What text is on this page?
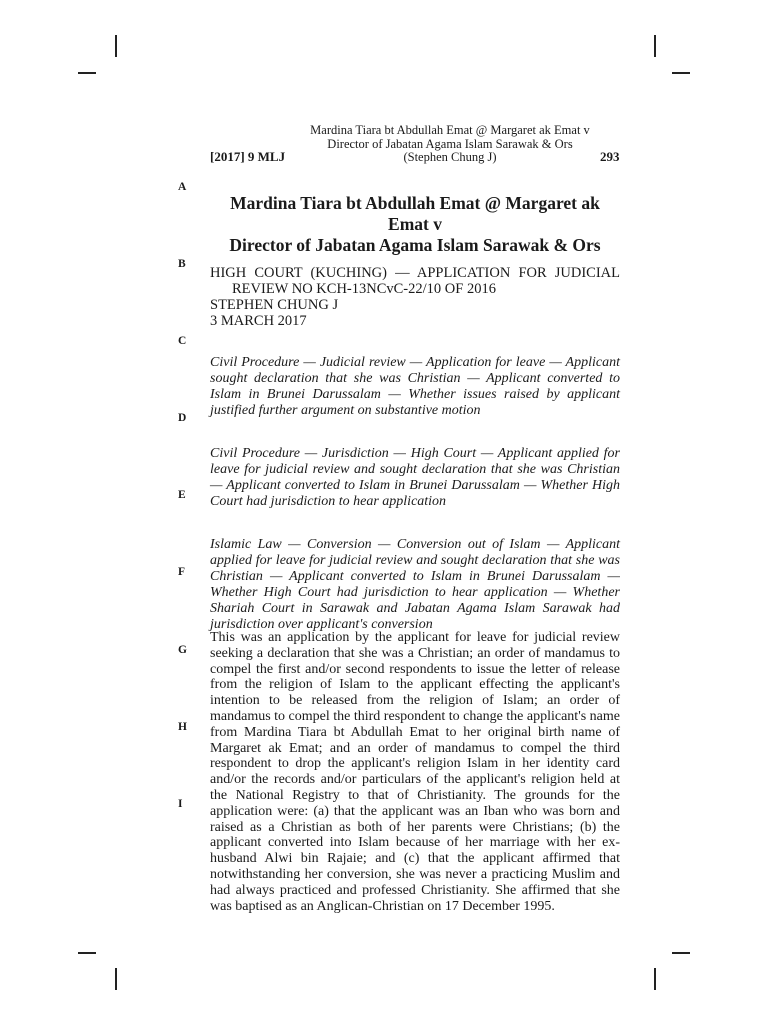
Mardina Tiara bt Abdullah Emat @ Margaret ak Emat v
Director of Jabatan Agama Islam Sarawak & Ors
(Stephen Chung J)
[2017] 9 MLJ	293
A
B
C
D
E
F
G
H
I
Mardina Tiara bt Abdullah Emat @ Margaret ak Emat v
Director of Jabatan Agama Islam Sarawak & Ors
HIGH COURT (KUCHING) — APPLICATION FOR JUDICIAL
REVIEW NO KCH-13NCvC-22/10 OF 2016
STEPHEN CHUNG J
3 MARCH 2017
Civil Procedure — Judicial review — Application for leave — Applicant sought declaration that she was Christian — Applicant converted to Islam in Brunei Darussalam — Whether issues raised by applicant justified further argument on substantive motion
Civil Procedure — Jurisdiction — High Court — Applicant applied for leave for judicial review and sought declaration that she was Christian — Applicant converted to Islam in Brunei Darussalam — Whether High Court had jurisdiction to hear application
Islamic Law — Conversion — Conversion out of Islam — Applicant applied for leave for judicial review and sought declaration that she was Christian — Applicant converted to Islam in Brunei Darussalam — Whether High Court had jurisdiction to hear application — Whether Shariah Court in Sarawak and Jabatan Agama Islam Sarawak had jurisdiction over applicant's conversion
This was an application by the applicant for leave for judicial review seeking a declaration that she was a Christian; an order of mandamus to compel the first and/or second respondents to issue the letter of release from the religion of Islam to the applicant effecting the applicant's intention to be released from the religion of Islam; an order of mandamus to compel the third respondent to change the applicant's name from Mardina Tiara bt Abdullah Emat to her original birth name of Margaret ak Emat; and an order of mandamus to compel the third respondent to drop the applicant's religion Islam in her identity card and/or the records and/or particulars of the applicant's religion held at the National Registry to that of Christianity. The grounds for the application were: (a) that the applicant was an Iban who was born and raised as a Christian as both of her parents were Christians; (b) the applicant converted into Islam because of her marriage with her ex-husband Alwi bin Rajaie; and (c) that the applicant affirmed that notwithstanding her conversion, she was never a practicing Muslim and had always practiced and professed Christianity. She affirmed that she was baptised as an Anglican-Christian on 17 December 1995.
